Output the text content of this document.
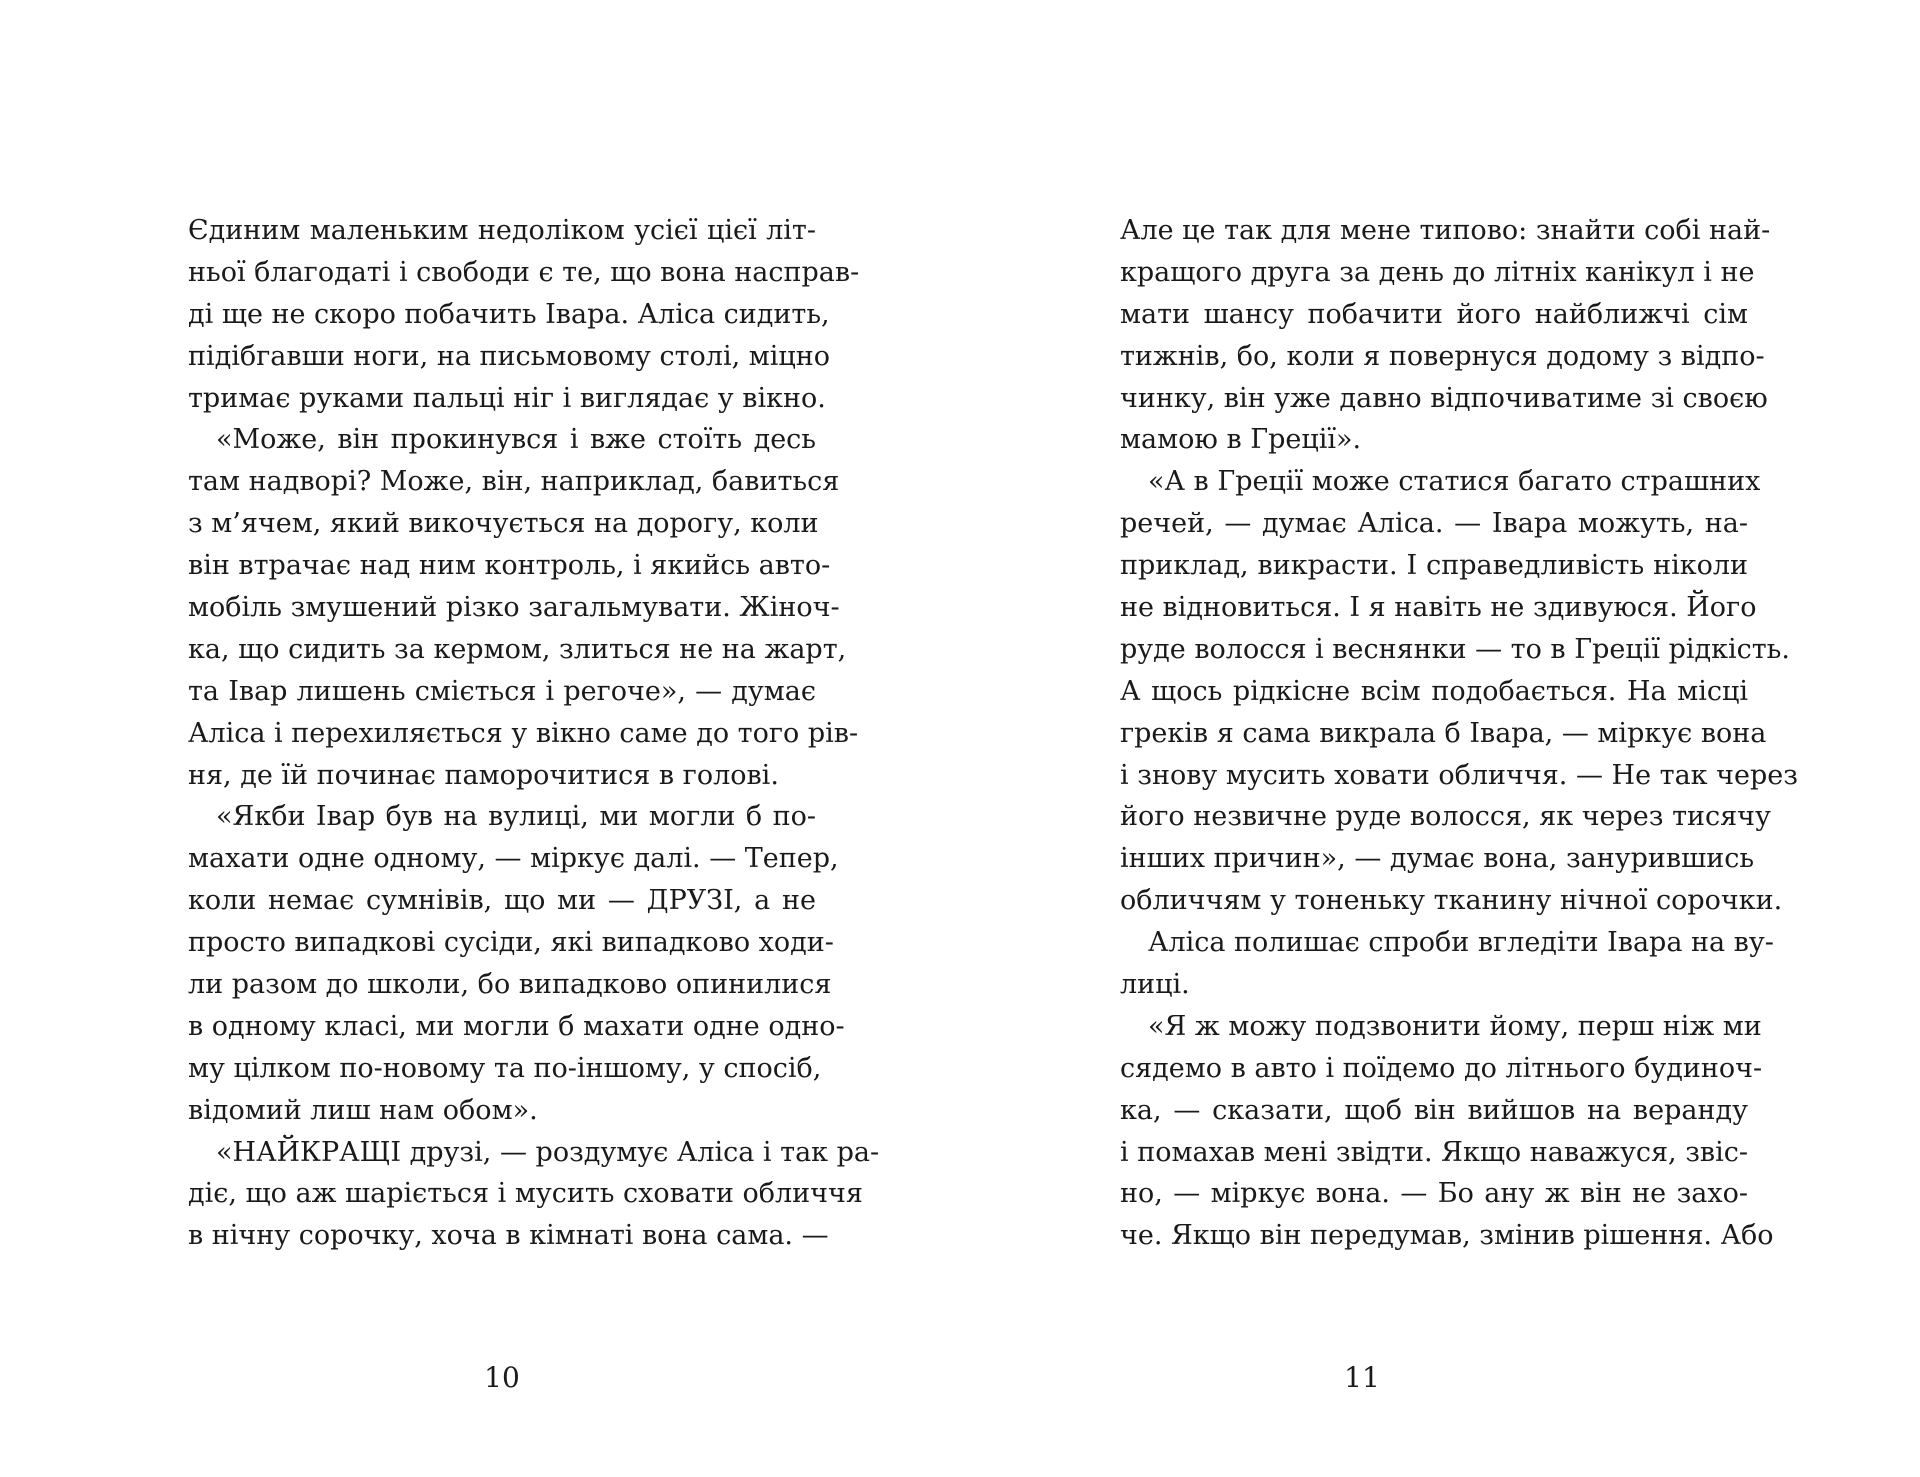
Єдиним маленьким недоліком усієї цієї літ-
ньої благодаті і свободи є те, що вона насправ-
ді ще не скоро побачить Івара. Аліса сидить,
підібгавши ноги, на письмовому столі, міцно
тримає руками пальці ніг і виглядає у вікно.
«Може, він прокинувся і вже стоїть десь
там надворі? Може, він, наприклад, бавиться
з м’ячем, який викочується на дорогу, коли
він втрачає над ним контроль, і якийсь авто-
мобіль змушений різко загальмувати. Жіноч-
ка, що сидить за кермом, злиться не на жарт,
та Івар лишень сміється і регоче», — думає
Аліса і перехиляється у вікно саме до того рів-
ня, де їй починає паморочитися в голові.
«Якби Івар був на вулиці, ми могли б по-
махати одне одному, — міркує далі. — Тепер,
коли немає сумнівів, що ми — ДРУЗІ, а не
просто випадкові сусіди, які випадково ходи-
ли разом до школи, бо випадково опинилися
в одному класі, ми могли б махати одне одно-
му цілком по-новому та по-іншому, у спосіб,
відомий лиш нам обом».
«НАЙКРАЩІ друзі, — роздумує Аліса і так ра-
діє, що аж шаріється і мусить сховати обличчя
в нічну сорочку, хоча в кімнаті вона сама. —
10
Але це так для мене типово: знайти собі най-
кращого друга за день до літніх канікул і не
мати шансу побачити його найближчі сім
тижнів, бо, коли я повернуся додому з відпо-
чинку, він уже давно відпочиватиме зі своєю
мамою в Греції».
«А в Греції може статися багато страшних
речей, — думає Аліса. — Івара можуть, на-
приклад, викрасти. І справедливість ніколи
не відновиться. І я навіть не здивуюся. Його
руде волосся і веснянки — то в Греції рідкість.
А щось рідкісне всім подобається. На місці
греків я сама викрала б Івара, — міркує вона
і знову мусить ховати обличчя. — Не так через
його незвичне руде волосся, як через тисячу
інших причин», — думає вона, занурившись
обличчям у тоненьку тканину нічної сорочки.
Аліса полишає спроби вгледіти Івара на ву-
лиці.
«Я ж можу подзвонити йому, перш ніж ми
сядемо в авто і поїдемо до літнього будиноч-
ка, — сказати, щоб він вийшов на веранду
і помахав мені звідти. Якщо наважуся, звіс-
но, — міркує вона. — Бо ану ж він не захо-
че. Якщо він передумав, змінив рішення. Або
11
